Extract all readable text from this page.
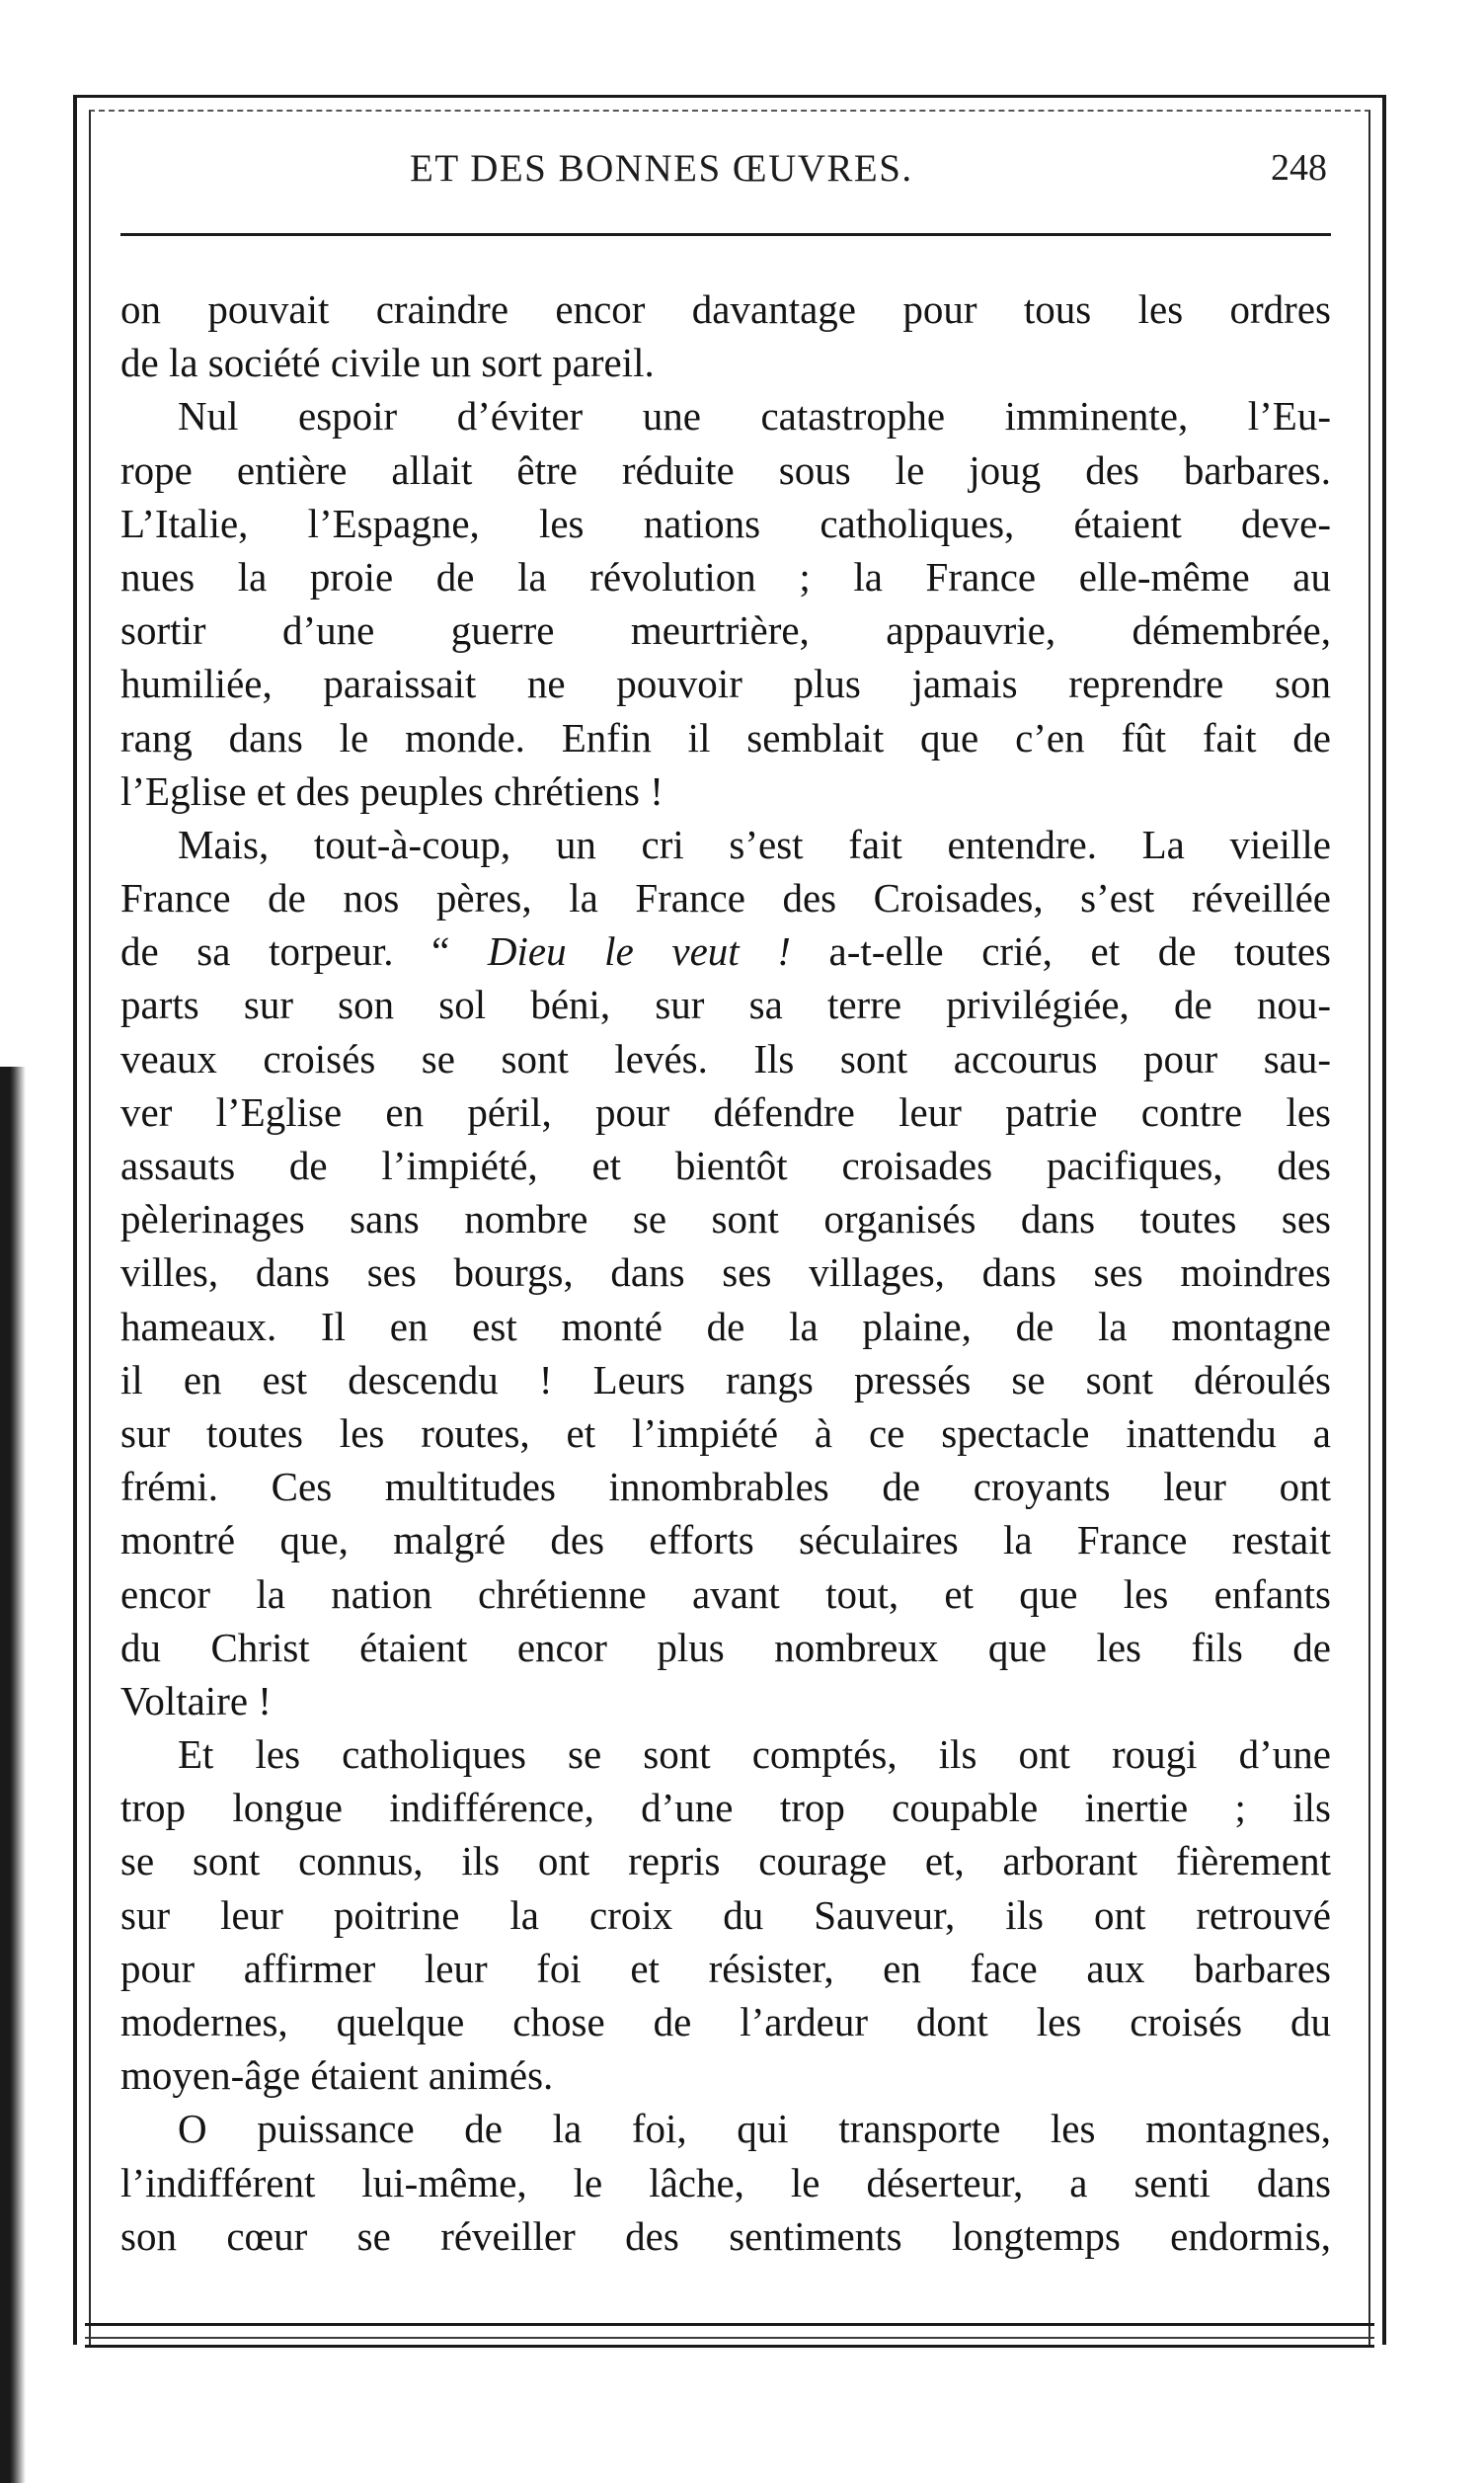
ET DES BONNES ŒUVRES.	248
on pouvait craindre encor davantage pour tous les ordres
de la société civile un sort pareil.
Nul espoir d’éviter une catastrophe imminente, l’Eu-
rope entière allait être réduite sous le joug des barbares.
L’Italie, l’Espagne, les nations catholiques, étaient deve-
nues la proie de la révolution ; la France elle-même au
sortir d’une guerre meurtrière, appauvrie, démembrée,
humiliée, paraissait ne pouvoir plus jamais reprendre son
rang dans le monde. Enfin il semblait que c’en fût fait de
l’Eglise et des peuples chrétiens !
Mais, tout-à-coup, un cri s’est fait entendre. La vieille
France de nos pères, la France des Croisades, s’est réveillée
de sa torpeur. “ Dieu le veut ! a-t-elle crié, et de toutes
parts sur son sol béni, sur sa terre privilégiée, de nou-
veaux croisés se sont levés. Ils sont accourus pour sau-
ver l’Eglise en péril, pour défendre leur patrie contre les
assauts de l’impiété, et bientôt croisades pacifiques, des
pèlerinages sans nombre se sont organisés dans toutes ses
villes, dans ses bourgs, dans ses villages, dans ses moindres
hameaux. Il en est monté de la plaine, de la montagne
il en est descendu ! Leurs rangs pressés se sont déroulés
sur toutes les routes, et l’impiété à ce spectacle inattendu a
frémi. Ces multitudes innombrables de croyants leur ont
montré que, malgré des efforts séculaires la France restait
encor la nation chrétienne avant tout, et que les enfants
du Christ étaient encor plus nombreux que les fils de
Voltaire !
Et les catholiques se sont comptés, ils ont rougi d’une
trop longue indifférence, d’une trop coupable inertie ; ils
se sont connus, ils ont repris courage et, arborant fièrement
sur leur poitrine la croix du Sauveur, ils ont retrouvé
pour affirmer leur foi et résister, en face aux barbares
modernes, quelque chose de l’ardeur dont les croisés du
moyen-âge étaient animés.
O puissance de la foi, qui transporte les montagnes,
l’indifférent lui-même, le lâche, le déserteur, a senti dans
son cœur se réveiller des sentiments longtemps endormis,
